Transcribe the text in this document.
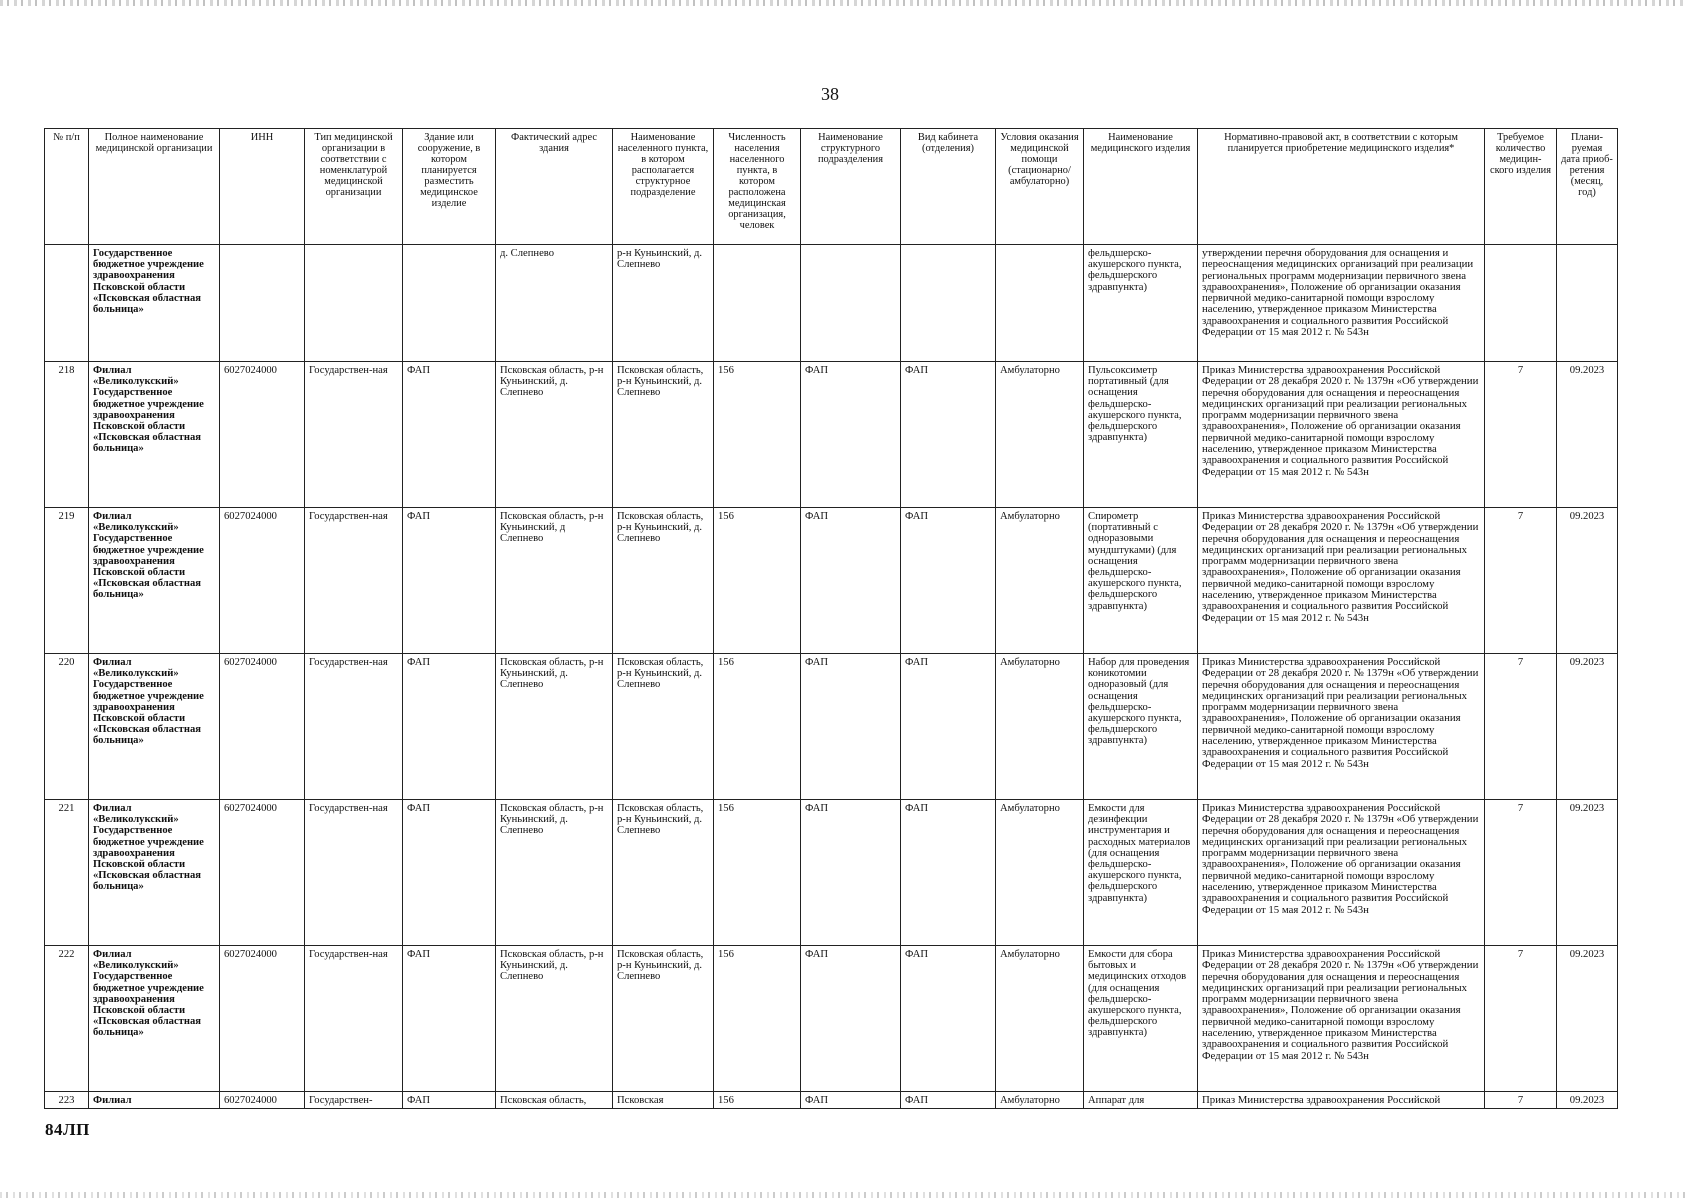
38
№ п/п	Полное наименование медицинской организации	ИНН	Тип медицинской организации в соответствии с номенклатурой медицинской организации	Здание или сооружение, в котором планируется разместить медицинское изделие	Фактический адрес здания	Наименование населенного пункта, в котором располагается структурное подразделение	Численность населения населенного пункта, в котором расположена медицинская организация, человек	Наименование структурного подразделения	Вид кабинета (отделения)	Условия оказания медицинской помощи (стационарно/ амбулаторно)	Наименование медицинского изделия	Нормативно-правовой акт, в соответствии с которым планируется приобретение медицинского изделия*	Требуемое количество медицин-ского изделия	Плани-руемая дата приоб-ретения (месяц, год)
	Государственное бюджетное учреждение здравоохранения Псковской области «Псковская областная больница»				д. Слепнево	р-н Куньинский, д. Слепнево					фельдшерско-акушерского пункта, фельдшерского здравпункта)	утверждении перечня оборудования для оснащения и переоснащения медицинских организаций при реализации региональных программ модернизации первичного звена здравоохранения», Положение об организации оказания первичной медико-санитарной помощи взрослому населению, утвержденное приказом Министерства здравоохранения и социального развития Российской Федерации от 15 мая 2012 г. № 543н		
218	Филиал «Великолукский» Государственное бюджетное учреждение здравоохранения Псковской области «Псковская областная больница»	6027024000	Государствен-ная	ФАП	Псковская область, р-н Куньинский, д. Слепнево	Псковская область, р-н Куньинский, д. Слепнево	156	ФАП	ФАП	Амбулаторно	Пульсоксиметр портативный (для оснащения фельдшерско-акушерского пункта, фельдшерского здравпункта)	Приказ Министерства здравоохранения Российской Федерации от 28 декабря 2020 г. № 1379н «Об утверждении перечня оборудования для оснащения и переоснащения медицинских организаций при реализации региональных программ модернизации первичного звена здравоохранения», Положение об организации оказания первичной медико-санитарной помощи взрослому населению, утвержденное приказом Министерства здравоохранения и социального развития Российской Федерации от 15 мая 2012 г. № 543н	7	09.2023
219	Филиал «Великолукский» Государственное бюджетное учреждение здравоохранения Псковской области «Псковская областная больница»	6027024000	Государствен-ная	ФАП	Псковская область, р-н Куньинский, д Слепнево	Псковская область, р-н Куньинский, д. Слепнево	156	ФАП	ФАП	Амбулаторно	Спирометр (портативный с одноразовыми мундштуками) (для оснащения фельдшерско-акушерского пункта, фельдшерского здравпункта)	Приказ Министерства здравоохранения Российской Федерации от 28 декабря 2020 г. № 1379н «Об утверждении перечня оборудования для оснащения и переоснащения медицинских организаций при реализации региональных программ модернизации первичного звена здравоохранения», Положение об организации оказания первичной медико-санитарной помощи взрослому населению, утвержденное приказом Министерства здравоохранения и социального развития Российской Федерации от 15 мая 2012 г. № 543н	7	09.2023
220	Филиал «Великолукский» Государственное бюджетное учреждение здравоохранения Псковской области «Псковская областная больница»	6027024000	Государствен-ная	ФАП	Псковская область, р-н Куньинский, д. Слепнево	Псковская область, р-н Куньинский, д. Слепнево	156	ФАП	ФАП	Амбулаторно	Набор для проведения коникотомии одноразовый (для оснащения фельдшерско-акушерского пункта, фельдшерского здравпункта)	Приказ Министерства здравоохранения Российской Федерации от 28 декабря 2020 г. № 1379н «Об утверждении перечня оборудования для оснащения и переоснащения медицинских организаций при реализации региональных программ модернизации первичного звена здравоохранения», Положение об организации оказания первичной медико-санитарной помощи взрослому населению, утвержденное приказом Министерства здравоохранения и социального развития Российской Федерации от 15 мая 2012 г. № 543н	7	09.2023
221	Филиал «Великолукский» Государственное бюджетное учреждение здравоохранения Псковской области «Псковская областная больница»	6027024000	Государствен-ная	ФАП	Псковская область, р-н Куньинский, д. Слепнево	Псковская область, р-н Куньинский, д. Слепнево	156	ФАП	ФАП	Амбулаторно	Емкости для дезинфекции инструментария и расходных материалов (для оснащения фельдшерско-акушерского пункта, фельдшерского здравпункта)	Приказ Министерства здравоохранения Российской Федерации от 28 декабря 2020 г. № 1379н «Об утверждении перечня оборудования для оснащения и переоснащения медицинских организаций при реализации региональных программ модернизации первичного звена здравоохранения», Положение об организации оказания первичной медико-санитарной помощи взрослому населению, утвержденное приказом Министерства здравоохранения и социального развития Российской Федерации от 15 мая 2012 г. № 543н	7	09.2023
222	Филиал «Великолукский» Государственное бюджетное учреждение здравоохранения Псковской области «Псковская областная больница»	6027024000	Государствен-ная	ФАП	Псковская область, р-н Куньинский, д. Слепнево	Псковская область, р-н Куньинский, д. Слепнево	156	ФАП	ФАП	Амбулаторно	Емкости для сбора бытовых и медицинских отходов (для оснащения фельдшерско-акушерского пункта, фельдшерского здравпункта)	Приказ Министерства здравоохранения Российской Федерации от 28 декабря 2020 г. № 1379н «Об утверждении перечня оборудования для оснащения и переоснащения медицинских организаций при реализации региональных программ модернизации первичного звена здравоохранения», Положение об организации оказания первичной медико-санитарной помощи взрослому населению, утвержденное приказом Министерства здравоохранения и социального развития Российской Федерации от 15 мая 2012 г. № 543н	7	09.2023
223	Филиал	6027024000	Государствен-	ФАП	Псковская область,	Псковская	156	ФАП	ФАП	Амбулаторно	Аппарат для	Приказ Министерства здравоохранения Российской	7	09.2023
84ЛП
